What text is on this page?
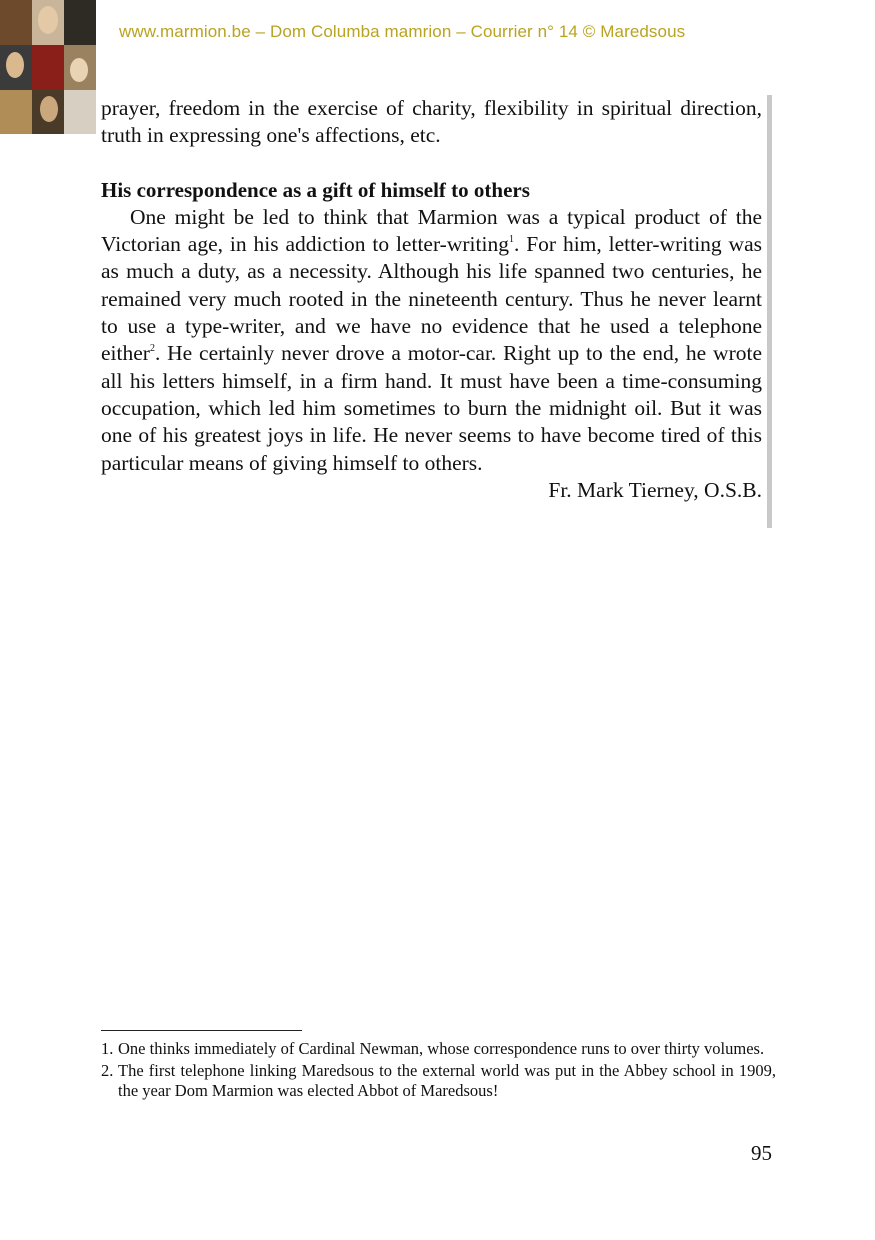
www.marmion.be – Dom Columba mamrion – Courrier n° 14 © Maredsous

prayer, freedom in the exercise of charity, flexibility in spiritual direction, truth in expressing one's affections, etc.

His correspondence as a gift of himself to others

One might be led to think that Marmion was a typical product of the Victorian age, in his addiction to letter-writing$^1$. For him, letter-writing was as much a duty, as a necessity. Although his life spanned two centuries, he remained very much rooted in the nineteenth century. Thus he never learnt to use a type-writer, and we have no evidence that he used a telephone either$^2$. He certainly never drove a motor-car. Right up to the end, he wrote all his letters himself, in a firm hand. It must have been a time-consuming occupation, which led him sometimes to burn the midnight oil. But it was one of his greatest joys in life. He never seems to have become tired of this particular means of giving himself to others.

Fr. Mark Tierney, O.S.B.

1. One thinks immediately of Cardinal Newman, whose correspondence runs to over thirty volumes.
2. The first telephone linking Maredsous to the external world was put in the Abbey school in 1909, the year Dom Marmion was elected Abbot of Maredsous!
95
